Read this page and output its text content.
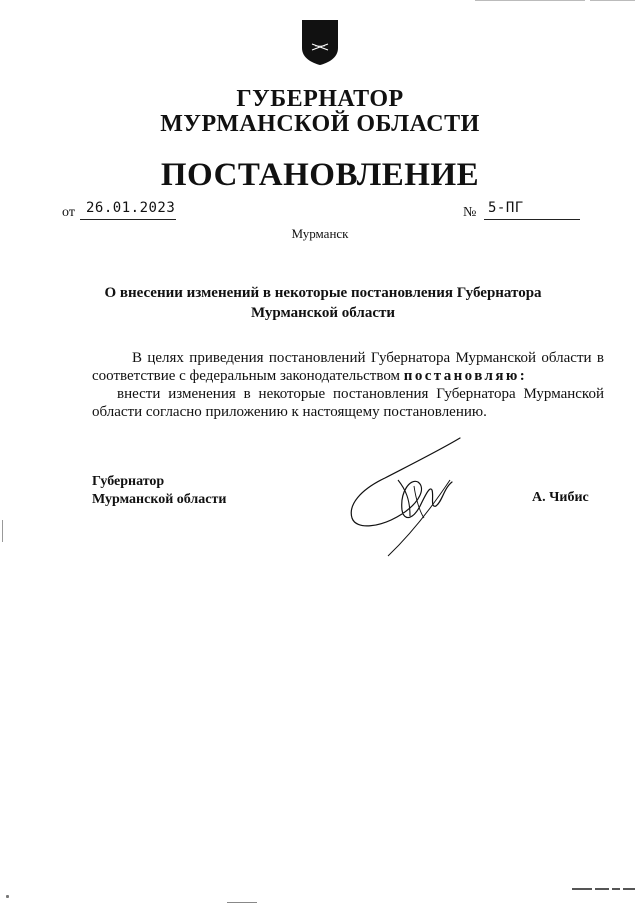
ГУБЕРНАТОР
МУРМАНСКОЙ ОБЛАСТИ
ПОСТАНОВЛЕНИЕ
от 26.01.2023	№ 5-ПГ
Мурманск
О внесении изменений в некоторые постановления Губернатора
Мурманской области

В целях приведения постановлений Губернатора Мурманской области в соответствие с федеральным законодательством постановляю:

внести изменения в некоторые постановления Губернатора Мурманской области согласно приложению к настоящему постановлению.

Губернатор
Мурманской области	А. Чибис
